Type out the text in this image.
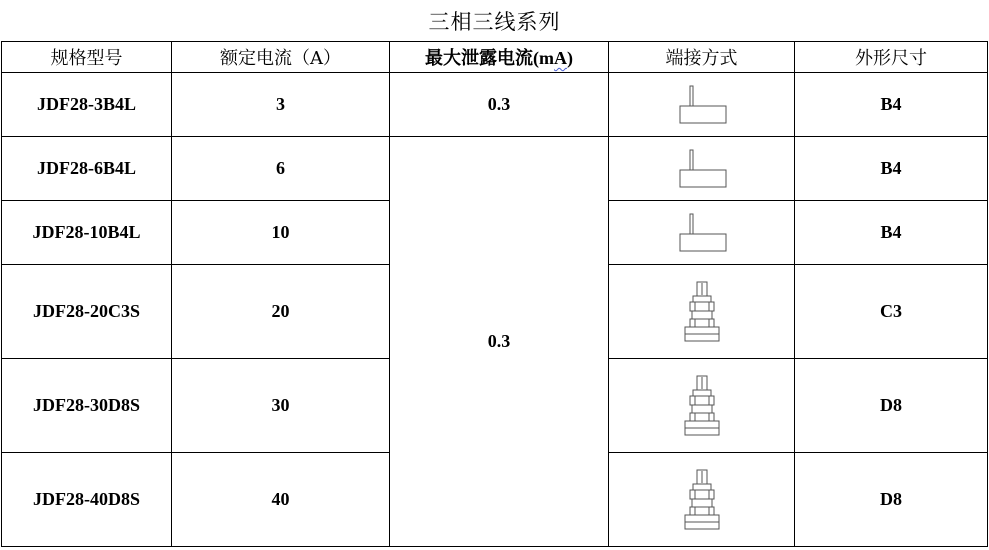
三相三线系列
规格型号	额定电流（A）	最大泄露电流(mA)	端接方式	外形尺寸
JDF28-3B4L	3	0.3		B4
JDF28-6B4L	6	0.3		B4
JDF28-10B4L	10			B4
JDF28-20C3S	20			C3
JDF28-30D8S	30			D8
JDF28-40D8S	40			D8
